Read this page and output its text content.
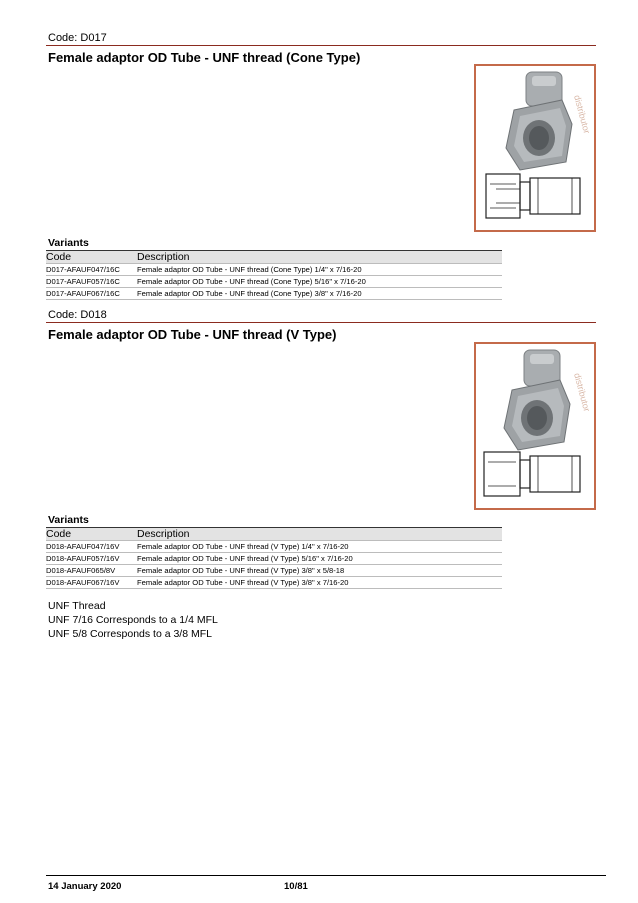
Code: D017
Female adaptor OD Tube - UNF thread (Cone Type)
distributor
Variants
Code	Description
D017-AFAUF047/16C	Female adaptor OD Tube - UNF thread (Cone Type) 1/4" x 7/16-20
D017-AFAUF057/16C	Female adaptor OD Tube - UNF thread (Cone Type) 5/16" x 7/16-20
D017-AFAUF067/16C	Female adaptor OD Tube - UNF thread (Cone Type) 3/8" x 7/16-20
Code: D018
Female adaptor OD Tube - UNF thread (V Type)
distributor
Variants
Code	Description
D018-AFAUF047/16V	Female adaptor OD Tube - UNF thread (V Type) 1/4" x 7/16-20
D018-AFAUF057/16V	Female adaptor OD Tube - UNF thread (V Type) 5/16" x 7/16-20
D018-AFAUF065/8V	Female adaptor OD Tube - UNF thread (V Type) 3/8" x 5/8-18
D018-AFAUF067/16V	Female adaptor OD Tube - UNF thread (V Type) 3/8" x 7/16-20
UNF Thread
UNF 7/16 Corresponds to a 1/4 MFL
UNF 5/8 Corresponds to a 3/8 MFL
14 January 2020	10/81
